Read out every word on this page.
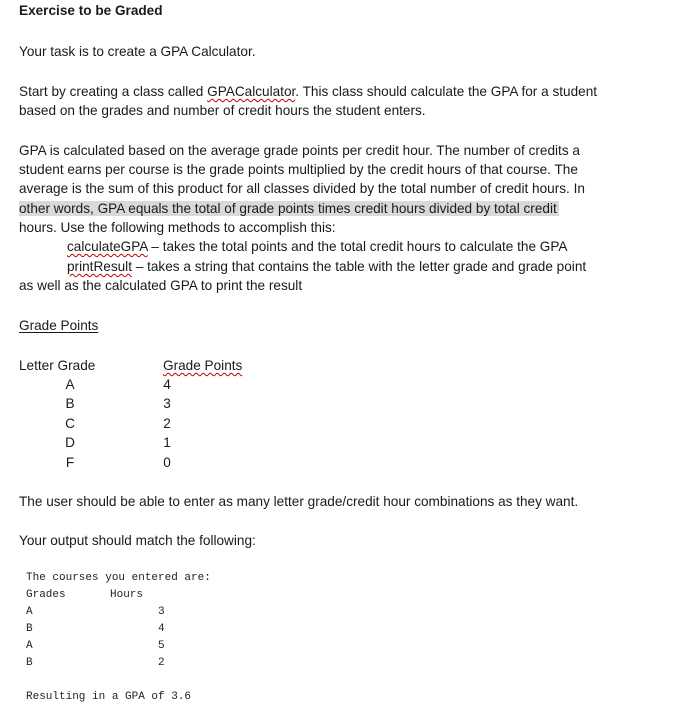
Exercise to be Graded
Your task is to create a GPA Calculator.
Start by creating a class called GPACalculator. This class should calculate the GPA for a student
based on the grades and number of credit hours the student enters.
GPA is calculated based on the average grade points per credit hour. The number of credits a
student earns per course is the grade points multiplied by the credit hours of that course. The
average is the sum of this product for all classes divided by the total number of credit hours. In
other words, GPA equals the total of grade points times credit hours divided by total credit
hours. Use the following methods to accomplish this:
calculateGPA – takes the total points and the total credit hours to calculate the GPA
printResult – takes a string that contains the table with the letter grade and grade point
as well as the calculated GPA to print the result
Grade Points
Letter Grade	Grade Points
A	4
B	3
C	2
D	1
F	0
The user should be able to enter as many letter grade/credit hour combinations as they want.
Your output should match the following:
The courses you entered are:
Grades	Hours
A	3
B	4
A	5
B	2
Resulting in a GPA of 3.6
